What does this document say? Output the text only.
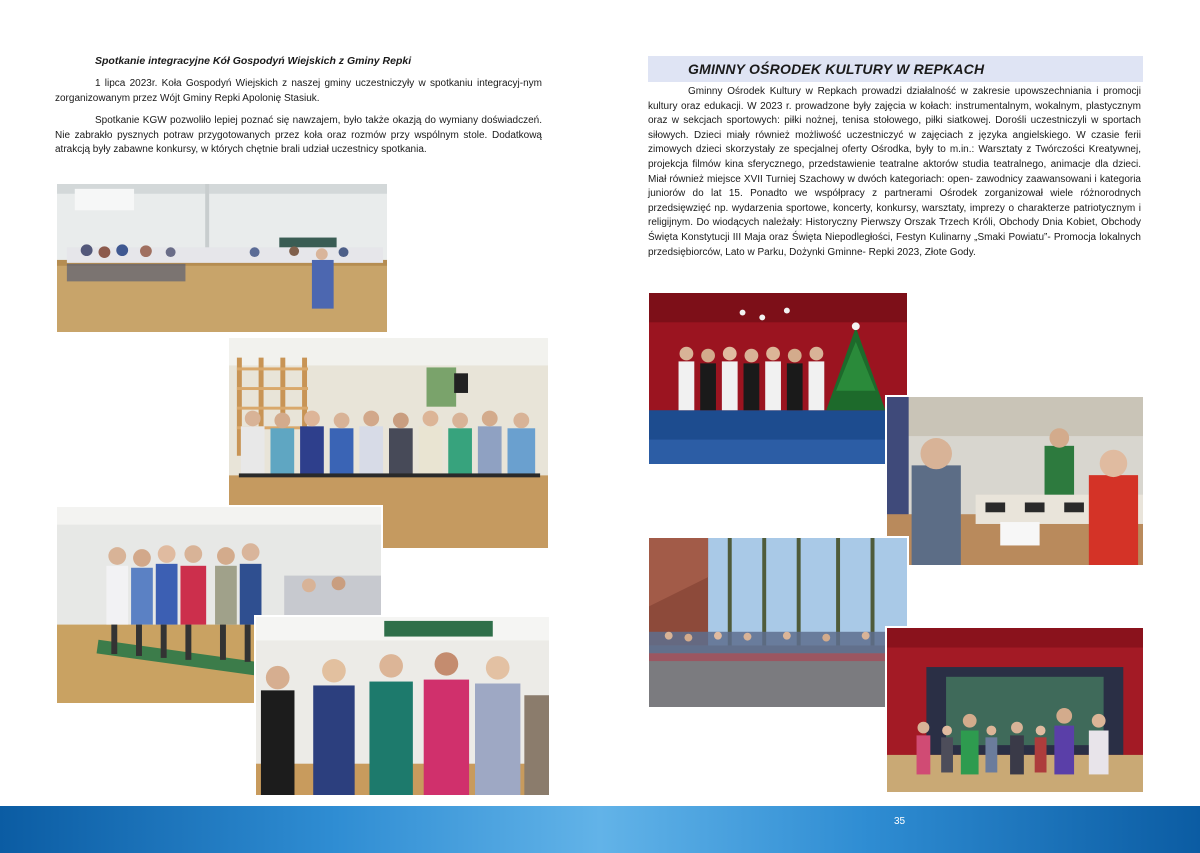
Spotkanie integracyjne Kół Gospodyń Wiejskich z Gminy Repki

1 lipca 2023r. Koła Gospodyń Wiejskich z naszej gminy uczestniczyły w spotkaniu integracyj-nym zorganizowanym przez Wójt Gminy Repki Apolonię Stasiuk.

Spotkanie KGW pozwoliło lepiej poznać się nawzajem, było także okazją do wymiany doświadczeń. Nie zabrakło pysznych potraw przygotowanych przez koła oraz rozmów przy wspólnym stole. Dodatkową atrakcją były zabawne konkursy, w których chętnie brali udział uczestnicy spotkania.

GMINNY OŚRODEK KULTURY W REPKACH

Gminny Ośrodek Kultury w Repkach prowadzi działalność w zakresie upowszechniania i promocji kultury oraz edukacji. W 2023 r. prowadzone były zajęcia w kołach: instrumentalnym, wokalnym, plastycznym oraz w sekcjach sportowych: piłki nożnej, tenisa stołowego, piłki siatkowej. Dorośli uczestniczyli w sportach siłowych. Dzieci miały również możliwość uczestniczyć w zajęciach z języka angielskiego. W czasie ferii zimowych dzieci skorzystały ze specjalnej oferty Ośrodka, były to m.in.: Warsztaty z Twórczości Kreatywnej, projekcja filmów kina sferycznego, przedstawienie teatralne aktorów studia teatralnego, animacje dla dzieci. Miał również miejsce XVII Turniej Szachowy w dwóch kategoriach: open- zawodnicy zaawansowani i kategoria juniorów do lat 15. Ponadto we współpracy z partnerami Ośrodek zorganizował wiele różnorodnych przedsięwzięć np. wydarzenia sportowe, koncerty, konkursy, warsztaty, imprezy o charakterze patriotycznym i religijnym. Do wiodących należały: Historyczny Pierwszy Orszak Trzech Króli, Obchody Dnia Kobiet, Obchody Święta Konstytucji III Maja oraz Święta Niepodległości, Festyn Kulinarny „Smaki Powiatu”- Promocja lokalnych przedsiębiorców, Lato w Parku, Dożynki Gminne- Repki 2023, Złote Gody.

35
